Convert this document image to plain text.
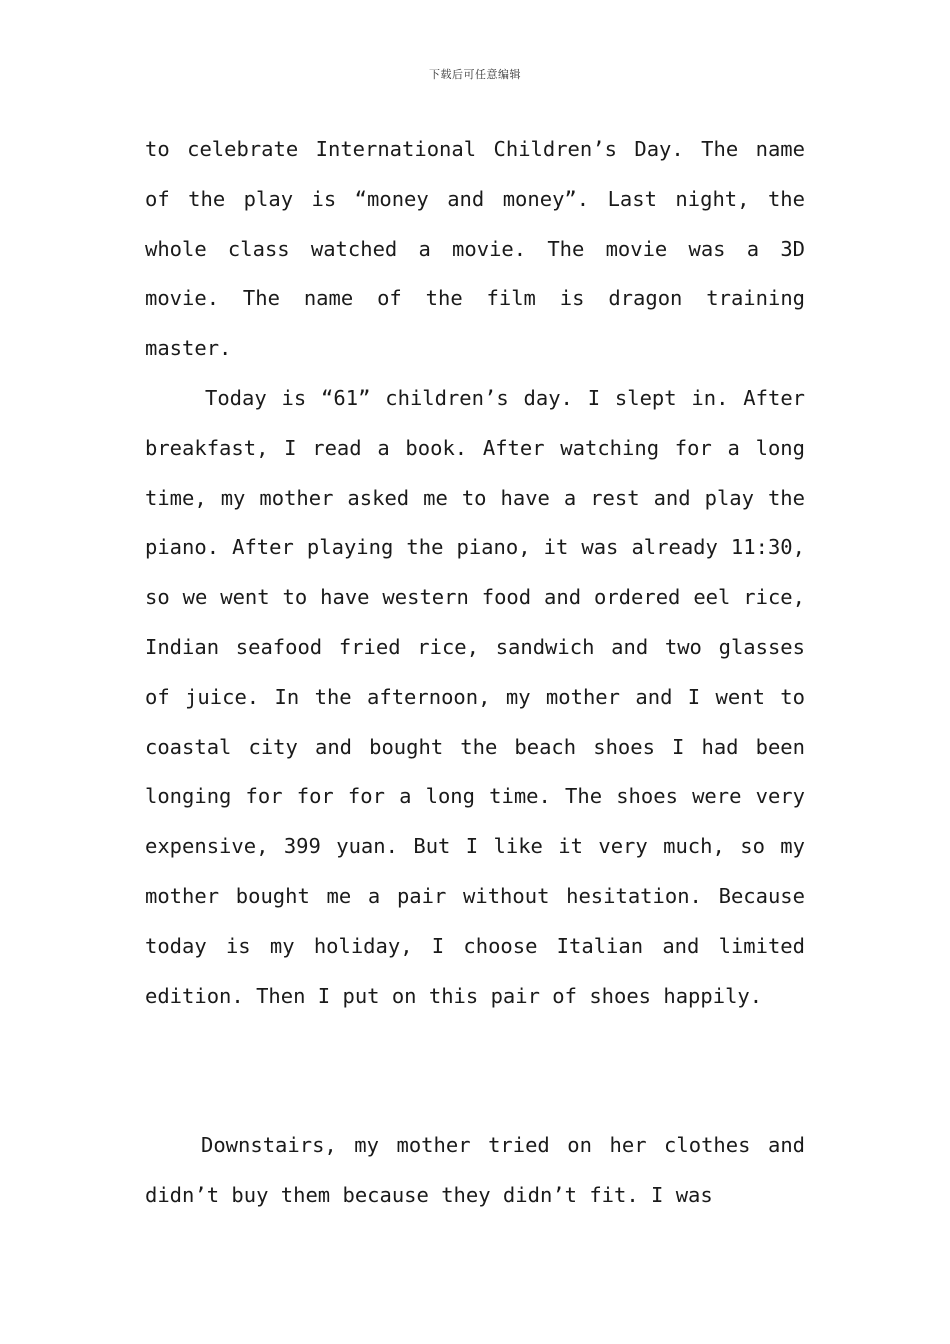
下载后可任意编辑

to celebrate International Children’s Day. The name of the play is “money and money”. Last night, the whole class watched a movie. The movie was a 3D movie. The name of the film is dragon training master.

Today is “61” children’s day. I slept in. After breakfast, I read a book. After watching for a long time, my mother asked me to have a rest and play the piano. After playing the piano, it was already 11:30, so we went to have western food and ordered eel rice, Indian seafood fried rice, sandwich and two glasses of juice. In the afternoon, my mother and I went to coastal city and bought the beach shoes I had been longing for for for a long time. The shoes were very expensive, 399 yuan. But I like it very much, so my mother bought me a pair without hesitation. Because today is my holiday, I choose Italian and limited edition. Then I put on this pair of shoes happily.

Downstairs, my mother tried on her clothes and didn’t buy them because they didn’t fit. I was
